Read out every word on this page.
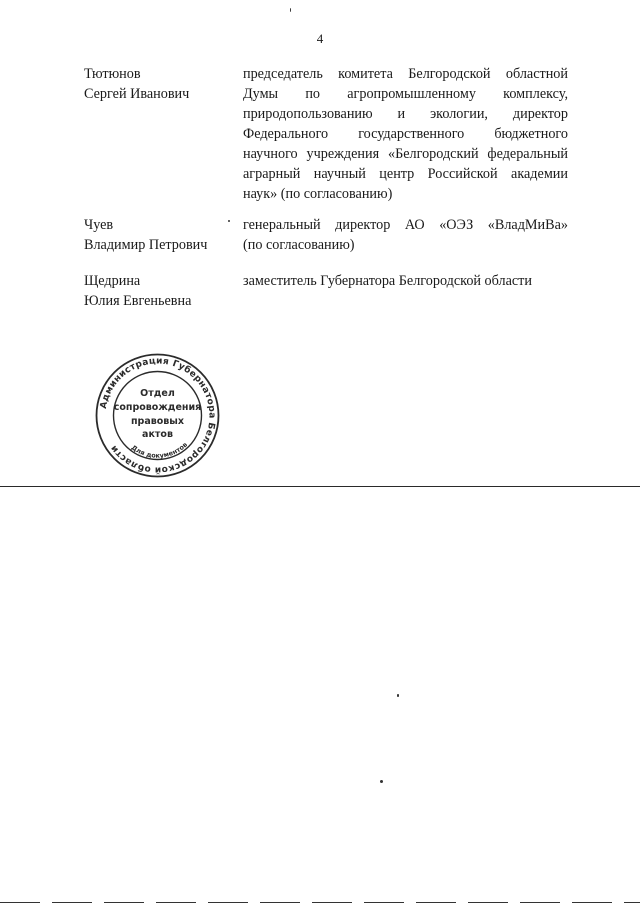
4
Тютюнов
Сергей Иванович
председатель комитета Белгородской областной
Думы по агропромышленному комплексу,
природопользованию и экологии, директор
Федерального государственного бюджетного
научного учреждения «Белгородский федеральный
аграрный научный центр Российской академии
наук» (по согласованию)
Чуев
Владимир Петрович
генеральный директор АО «ОЭЗ «ВладМиВа»
(по согласованию)
Щедрина
Юлия Евгеньевна
заместитель Губернатора Белгородской области
Администрация Губернатора Белгородской области	Для документов
Отдел
сопровождения
правовых
актов
